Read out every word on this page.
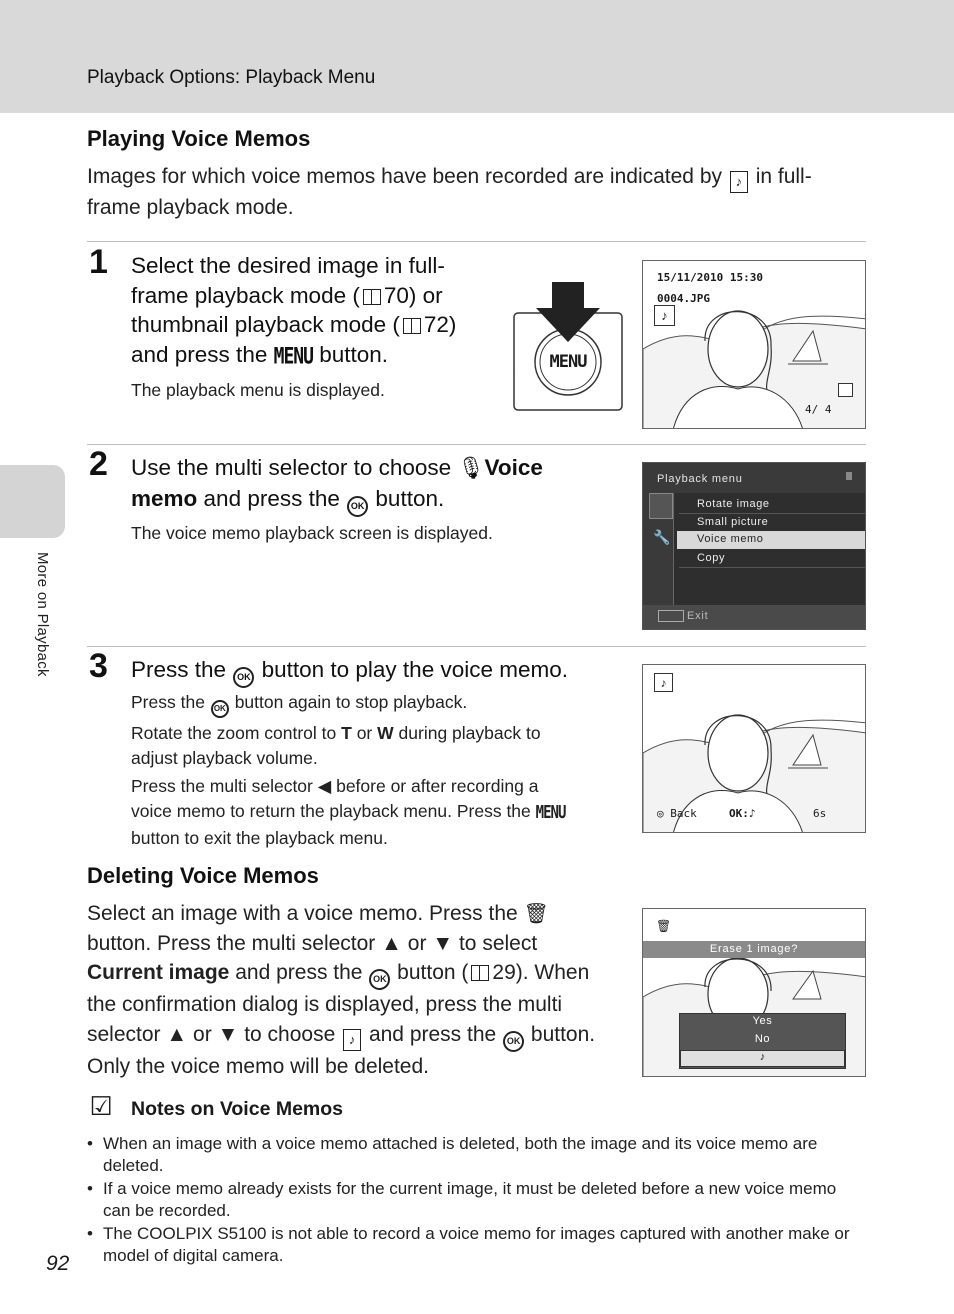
Playback Options: Playback Menu
More on Playback
Playing Voice Memos
Images for which voice memos have been recorded are indicated by ♪ in full-
frame playback mode.
1 Select the desired image in full-
frame playback mode ( 70) or
thumbnail playback mode ( 72)
and press the MENU button.
The playback menu is displayed.
MENU
15/11/2010 15:30
0004.JPG
♪
4/ 4
2 Use the multi selector to choose 🎙Voice
memo and press the OK button.
The voice memo playback screen is displayed.
Playback menu
🔧
Rotate image
Small picture
Voice memo
Copy
Exit
3 Press the OK button to play the voice memo.
Press the OK button again to stop playback.
Rotate the zoom control to T or W during playback to
adjust playback volume.
Press the multi selector ◀ before or after recording a
voice memo to return the playback menu. Press the MENU
button to exit the playback menu.
♪
◎ Back	OK:♪	6s
Deleting Voice Memos
Select an image with a voice memo. Press the 🗑
button. Press the multi selector ▲ or ▼ to select
Current image and press the OK button ( 29). When
the confirmation dialog is displayed, press the multi
selector ▲ or ▼ to choose ♪ and press the OK button.
Only the voice memo will be deleted.
🗑
Erase 1 image?
Yes
No
♪
☑ Notes on Voice Memos
• When an image with a voice memo attached is deleted, both the image and its voice memo are deleted.
• If a voice memo already exists for the current image, it must be deleted before a new voice memo can be recorded.
• The COOLPIX S5100 is not able to record a voice memo for images captured with another make or model of digital camera.
92
